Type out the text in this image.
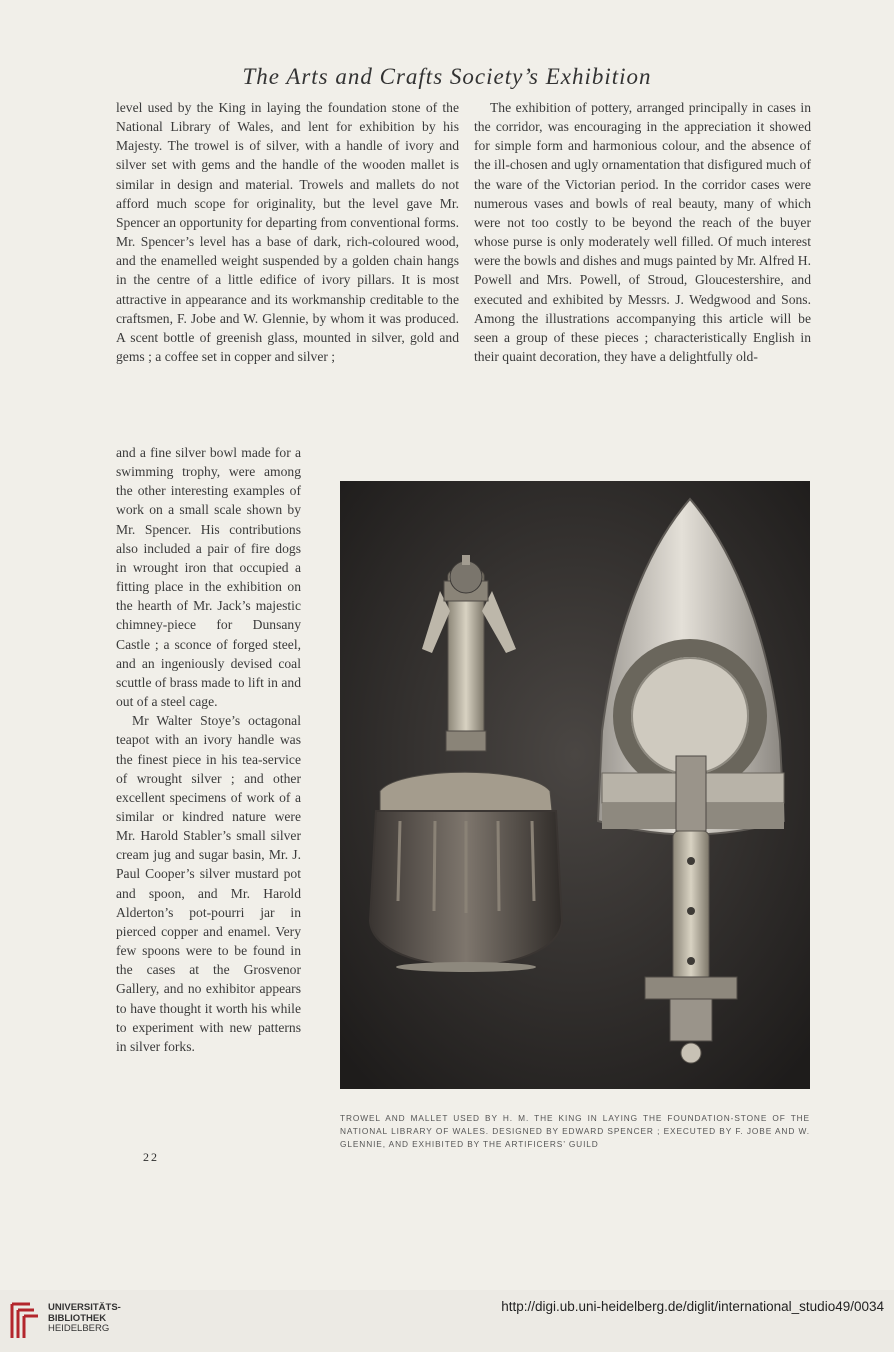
The Arts and Crafts Society’s Exhibition

level used by the King in laying the foundation stone of the National Library of Wales, and lent for exhibition by his Majesty. The trowel is of silver, with a handle of ivory and silver set with gems and the handle of the wooden mallet is similar in design and material. Trowels and mallets do not afford much scope for originality, but the level gave Mr. Spencer an opportunity for departing from conventional forms. Mr. Spencer’s level has a base of dark, rich-coloured wood, and the enamelled weight suspended by a golden chain hangs in the centre of a little edifice of ivory pillars. It is most attractive in appearance and its workmanship creditable to the craftsmen, F. Jobe and W. Glennie, by whom it was produced. A scent bottle of greenish glass, mounted in silver, gold and gems ; a coffee set in copper and silver ;

The exhibition of pottery, arranged principally in cases in the corridor, was encouraging in the appreciation it showed for simple form and harmonious colour, and the absence of the ill-chosen and ugly ornamentation that disfigured much of the ware of the Victorian period. In the corridor cases were numerous vases and bowls of real beauty, many of which were not too costly to be beyond the reach of the buyer whose purse is only moderately well filled. Of much interest were the bowls and dishes and mugs painted by Mr. Alfred H. Powell and Mrs. Powell, of Stroud, Gloucestershire, and executed and exhibited by Messrs. J. Wedgwood and Sons. Among the illustrations accompanying this article will be seen a group of these pieces ; characteristically English in their quaint decoration, they have a delightfully old-

and a fine silver bowl made for a swimming trophy, were among the other interesting examples of work on a small scale shown by Mr. Spencer. His contributions also included a pair of fire dogs in wrought iron that occupied a fitting place in the exhibition on the hearth of Mr. Jack’s majestic chimney-piece for Dunsany Castle ; a sconce of forged steel, and an ingeniously devised coal scuttle of brass made to lift in and out of a steel cage.

Mr Walter Stoye’s octagonal teapot with an ivory handle was the finest piece in his tea-service of wrought silver ; and other excellent specimens of work of a similar or kindred nature were Mr. Harold Stabler’s small silver cream jug and sugar basin, Mr. J. Paul Cooper’s silver mustard pot and spoon, and Mr. Harold Alderton’s pot-pourri jar in pierced copper and enamel. Very few spoons were to be found in the cases at the Grosvenor Gallery, and no exhibitor appears to have thought it worth his while to experiment with new patterns in silver forks.

TROWEL AND MALLET USED BY H. M. THE KING IN LAYING THE FOUNDATION-STONE OF THE NATIONAL LIBRARY OF WALES. DESIGNED BY EDWARD SPENCER ; EXECUTED BY F. JOBE AND W. GLENNIE, AND EXHIBITED BY THE ARTIFICERS’ GUILD
22
UNIVERSITÄTS-
BIBLIOTHEK
HEIDELBERG
http://digi.ub.uni-heidelberg.de/diglit/international_studio49/0034
